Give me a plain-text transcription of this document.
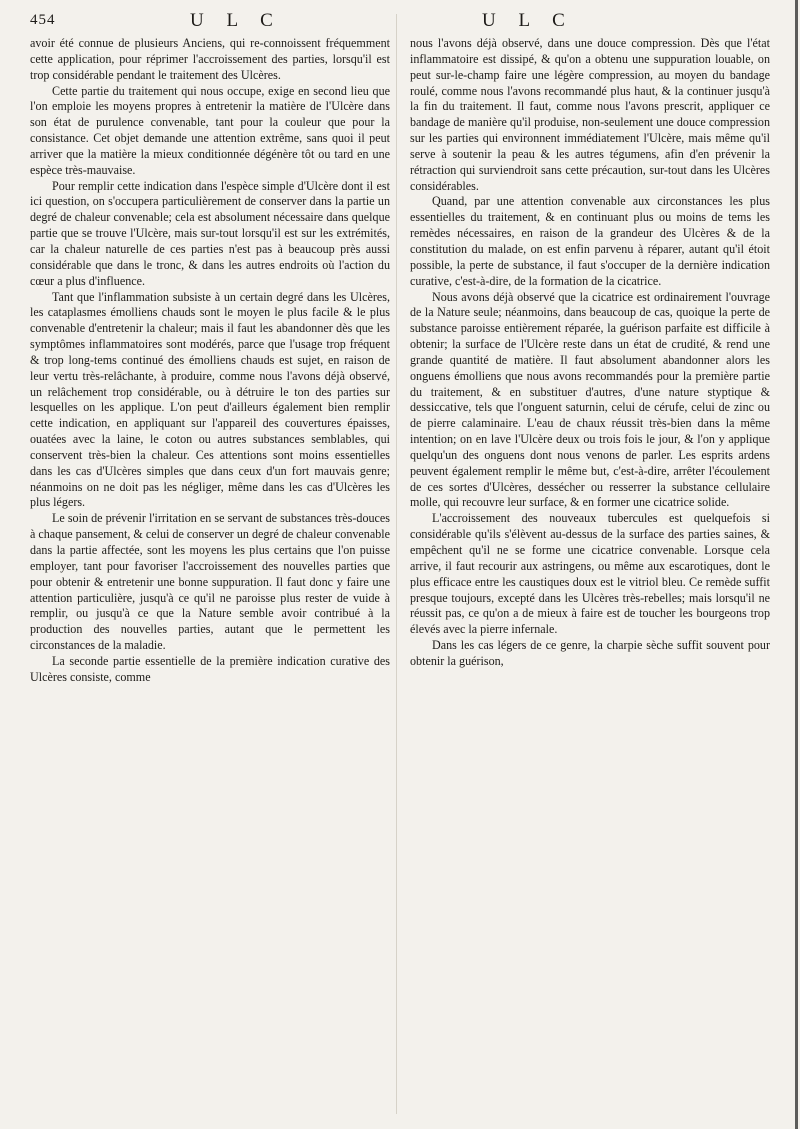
454	U L C	U L C

avoir été connue de plusieurs Anciens, qui re-connoissent fréquemment cette application, pour réprimer l'accroissement des parties, lorsqu'il est trop considérable pendant le traitement des Ulcères.

Cette partie du traitement qui nous occupe, exige en second lieu que l'on emploie les moyens propres à entretenir la matière de l'Ulcère dans son état de purulence convenable, tant pour la couleur que pour la consistance. Cet objet demande une attention extrême, sans quoi il peut arriver que la matière la mieux conditionnée dégénère tôt ou tard en une espèce très-mauvaise.

Pour remplir cette indication dans l'espèce simple d'Ulcère dont il est ici question, on s'occupera particulièrement de conserver dans la partie un degré de chaleur convenable; cela est absolument nécessaire dans quelque partie que se trouve l'Ulcère, mais sur-tout lorsqu'il est sur les extrémités, car la chaleur naturelle de ces parties n'est pas à beaucoup près aussi considérable que dans le tronc, & dans les autres endroits où l'action du cœur a plus d'influence.

Tant que l'inflammation subsiste à un certain degré dans les Ulcères, les cataplasmes émolliens chauds sont le moyen le plus facile & le plus convenable d'entretenir la chaleur; mais il faut les abandonner dès que les symptômes inflammatoires sont modérés, parce que l'usage trop fréquent & trop long-tems continué des émolliens chauds est sujet, en raison de leur vertu très-relâchante, à produire, comme nous l'avons déjà observé, un relâchement trop considérable, ou à détruire le ton des parties sur lesquelles on les applique. L'on peut d'ailleurs également bien remplir cette indication, en appliquant sur l'appareil des couvertures épaisses, ouatées avec la laine, le coton ou autres substances semblables, qui conservent très-bien la chaleur. Ces attentions sont moins essentielles dans les cas d'Ulcères simples que dans ceux d'un fort mauvais genre; néanmoins on ne doit pas les négliger, même dans les cas d'Ulcères les plus légers.

Le soin de prévenir l'irritation en se servant de substances très-douces à chaque pansement, & celui de conserver un degré de chaleur convenable dans la partie affectée, sont les moyens les plus certains que l'on puisse employer, tant pour favoriser l'accroissement des nouvelles parties que pour obtenir & entretenir une bonne suppuration. Il faut donc y faire une attention particulière, jusqu'à ce qu'il ne paroisse plus rester de vuide à remplir, ou jusqu'à ce que la Nature semble avoir contribué à la production des nouvelles parties, autant que le permettent les circonstances de la maladie.

La seconde partie essentielle de la première indication curative des Ulcères consiste, comme

nous l'avons déjà observé, dans une douce compression. Dès que l'état inflammatoire est dissipé, & qu'on a obtenu une suppuration louable, on peut sur-le-champ faire une légère compression, au moyen du bandage roulé, comme nous l'avons recommandé plus haut, & la continuer jusqu'à la fin du traitement. Il faut, comme nous l'avons prescrit, appliquer ce bandage de manière qu'il produise, non-seulement une douce compression sur les parties qui environnent immédiatement l'Ulcère, mais même qu'il serve à soutenir la peau & les autres tégumens, afin d'en prévenir la rétraction qui surviendroit sans cette précaution, sur-tout dans les Ulcères considérables.

Quand, par une attention convenable aux circonstances les plus essentielles du traitement, & en continuant plus ou moins de tems les remèdes nécessaires, en raison de la grandeur des Ulcères & de la constitution du malade, on est enfin parvenu à réparer, autant qu'il étoit possible, la perte de substance, il faut s'occuper de la dernière indication curative, c'est-à-dire, de la formation de la cicatrice.

Nous avons déjà observé que la cicatrice est ordinairement l'ouvrage de la Nature seule; néanmoins, dans beaucoup de cas, quoique la perte de substance paroisse entièrement réparée, la guérison parfaite est difficile à obtenir; la surface de l'Ulcère reste dans un état de crudité, & rend une grande quantité de matière. Il faut absolument abandonner alors les onguens émolliens que nous avons recommandés pour la première partie du traitement, & en substituer d'autres, d'une nature styptique & dessiccative, tels que l'onguent saturnin, celui de cérufe, celui de zinc ou de pierre calaminaire. L'eau de chaux réussit très-bien dans la même intention; on en lave l'Ulcère deux ou trois fois le jour, & l'on y applique quelqu'un des onguens dont nous venons de parler. Les esprits ardens peuvent également remplir le même but, c'est-à-dire, arrêter l'écoulement de ces sortes d'Ulcères, dessécher ou resserrer la substance cellulaire molle, qui recouvre leur surface, & en former une cicatrice solide.

L'accroissement des nouveaux tubercules est quelquefois si considérable qu'ils s'élèvent au-dessus de la surface des parties saines, & empêchent qu'il ne se forme une cicatrice convenable. Lorsque cela arrive, il faut recourir aux astringens, ou même aux escarotiques, dont le plus efficace entre les caustiques doux est le vitriol bleu. Ce remède suffit presque toujours, excepté dans les Ulcères très-rebelles; mais lorsqu'il ne réussit pas, ce qu'on a de mieux à faire est de toucher les bourgeons trop élevés avec la pierre infernale.

Dans les cas légers de ce genre, la charpie sèche suffit souvent pour obtenir la guérison,
